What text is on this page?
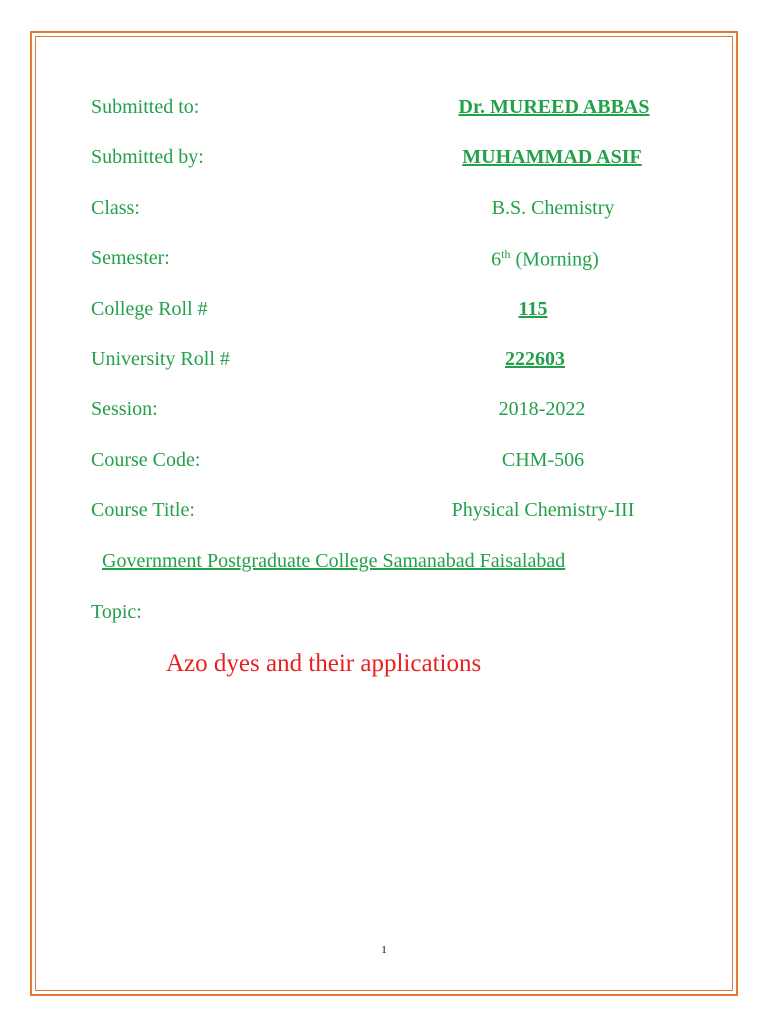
Submitted to:	Dr. MUREED ABBAS
Submitted by:	MUHAMMAD ASIF
Class:	B.S. Chemistry
Semester:	6th (Morning)
College Roll #	115
University Roll #	222603
Session:	2018-2022
Course Code:	CHM-506
Course Title:	Physical Chemistry-III
Government Postgraduate College Samanabad Faisalabad
Topic:
Azo dyes and their applications
1
